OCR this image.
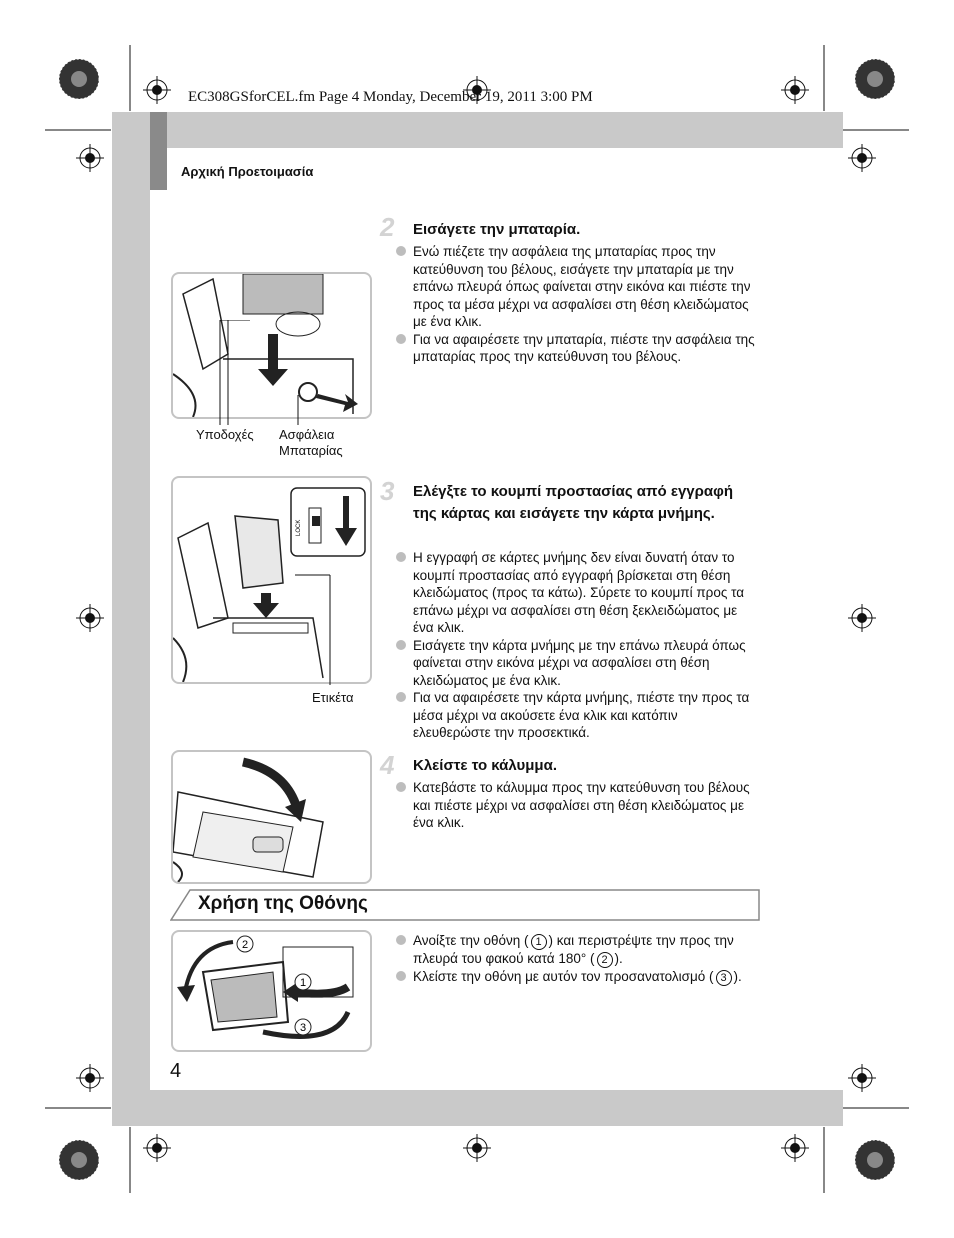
EC308GSforCEL.fm Page 4 Monday, December 19, 2011 3:00 PM
Αρχική Προετοιμασία
Υποδοχές Ασφάλεια
Μπαταρίας
2 Εισάγετε την μπαταρία.
Ενώ πιέζετε την ασφάλεια της μπαταρίας προς την κατεύθυνση του βέλους, εισάγετε την μπαταρία με την επάνω πλευρά όπως φαίνεται στην εικόνα και πιέστε την προς τα μέσα μέχρι να ασφαλίσει στη θέση κλειδώματος με ένα κλικ.
Για να αφαιρέσετε την μπαταρία, πιέστε την ασφάλεια της μπαταρίας προς την κατεύθυνση του βέλους.
LOCK
Ετικέτα
3 Ελέγξτε το κουμπί προστασίας από εγγραφή της κάρτας και εισάγετε την κάρτα μνήμης.
Η εγγραφή σε κάρτες μνήμης δεν είναι δυνατή όταν το κουμπί προστασίας από εγγραφή βρίσκεται στη θέση κλειδώματος (προς τα κάτω). Σύρετε το κουμπί προς τα επάνω μέχρι να ασφαλίσει στη θέση ξεκλειδώματος με ένα κλικ.
Εισάγετε την κάρτα μνήμης με την επάνω πλευρά όπως φαίνεται στην εικόνα μέχρι να ασφαλίσει στη θέση κλειδώματος με ένα κλικ.
Για να αφαιρέσετε την κάρτα μνήμης, πιέστε την προς τα μέσα μέχρι να ακούσετε ένα κλικ και κατόπιν ελευθερώστε την προσεκτικά.
4 Κλείστε το κάλυμμα.
Κατεβάστε το κάλυμμα προς την κατεύθυνση του βέλους και πιέστε μέχρι να ασφαλίσει στη θέση κλειδώματος με ένα κλικ.
Χρήση της Οθόνης
2
1
3
Ανοίξτε την οθόνη ( 1 ) και περιστρέψτε την προς την πλευρά του φακού κατά 180° ( 2 ).
Κλείστε την οθόνη με αυτόν τον προσανατολισμό ( 3 ).
4
